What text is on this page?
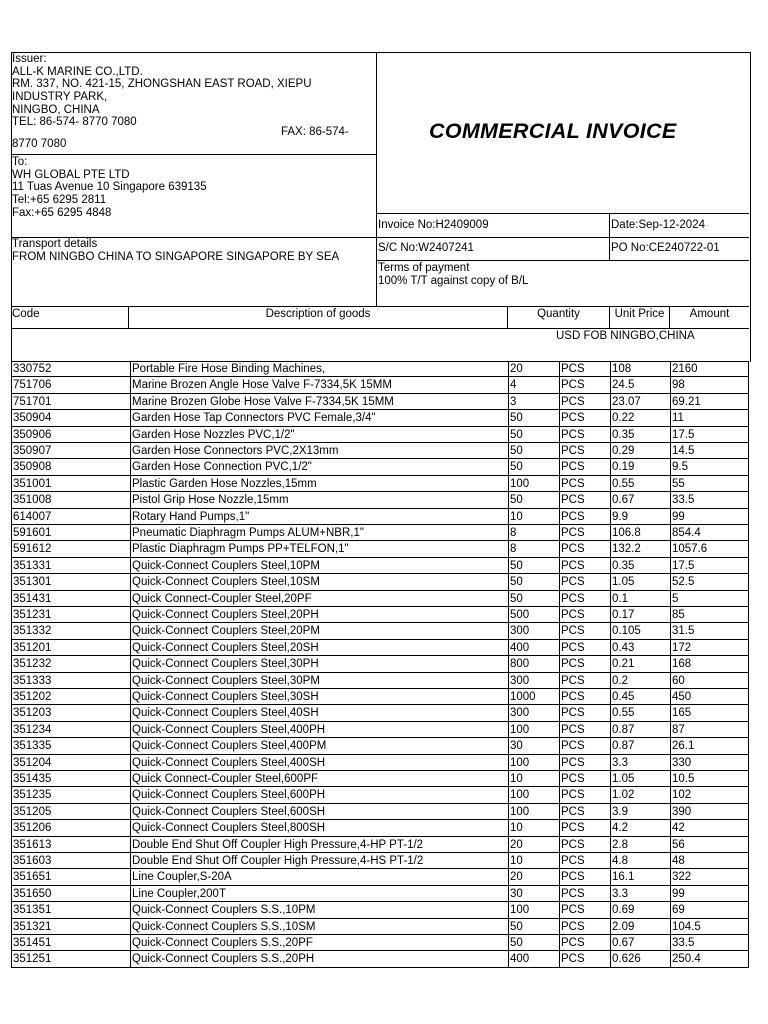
Issuer:
ALL-K MARINE CO.,LTD.
RM. 337, NO. 421-15, ZHONGSHAN EAST ROAD, XIEPU
INDUSTRY PARK,
NINGBO, CHINA
TEL: 86-574- 8770 7080
FAX: 86-574-
8770 7080
COMMERCIAL INVOICE
To:
WH GLOBAL PTE LTD
11 Tuas Avenue 10 Singapore 639135
Tel:+65 6295 2811
Fax:+65 6295 4848
Invoice No:H2409009	Date:Sep-12-2024
Transport details
FROM NINGBO CHINA TO SINGAPORE SINGAPORE BY SEA
S/C No:W2407241	PO No:CE240722-01
Terms of payment
100% T/T against copy of B/L
Code	Description of goods	Quantity	Unit Price	Amount
USD FOB NINGBO,CHINA
330752	Portable Fire Hose Binding Machines,	20	PCS	108	2160
751706	Marine Brozen Angle Hose Valve F-7334,5K 15MM	4	PCS	24.5	98
751701	Marine Brozen Globe Hose Valve F-7334,5K 15MM	3	PCS	23.07	69.21
350904	Garden Hose Tap Connectors PVC Female,3/4"	50	PCS	0.22	11
350906	Garden Hose Nozzles PVC,1/2"	50	PCS	0.35	17.5
350907	Garden Hose Connectors PVC,2X13mm	50	PCS	0.29	14.5
350908	Garden Hose Connection PVC,1/2"	50	PCS	0.19	9.5
351001	Plastic Garden Hose Nozzles,15mm	100	PCS	0.55	55
351008	Pistol Grip Hose Nozzle,15mm	50	PCS	0.67	33.5
614007	Rotary Hand Pumps,1"	10	PCS	9.9	99
591601	Pneumatic Diaphragm Pumps ALUM+NBR,1"	8	PCS	106.8	854.4
591612	Plastic Diaphragm Pumps PP+TELFON,1"	8	PCS	132.2	1057.6
351331	Quick-Connect Couplers Steel,10PM	50	PCS	0.35	17.5
351301	Quick-Connect Couplers Steel,10SM	50	PCS	1.05	52.5
351431	Quick Connect-Coupler Steel,20PF	50	PCS	0.1	5
351231	Quick-Connect Couplers Steel,20PH	500	PCS	0.17	85
351332	Quick-Connect Couplers Steel,20PM	300	PCS	0.105	31.5
351201	Quick-Connect Couplers Steel,20SH	400	PCS	0.43	172
351232	Quick-Connect Couplers Steel,30PH	800	PCS	0.21	168
351333	Quick-Connect Couplers Steel,30PM	300	PCS	0.2	60
351202	Quick-Connect Couplers Steel,30SH	1000	PCS	0.45	450
351203	Quick-Connect Couplers Steel,40SH	300	PCS	0.55	165
351234	Quick-Connect Couplers Steel,400PH	100	PCS	0.87	87
351335	Quick-Connect Couplers Steel,400PM	30	PCS	0.87	26.1
351204	Quick-Connect Couplers Steel,400SH	100	PCS	3.3	330
351435	Quick Connect-Coupler Steel,600PF	10	PCS	1.05	10.5
351235	Quick-Connect Couplers Steel,600PH	100	PCS	1.02	102
351205	Quick-Connect Couplers Steel,600SH	100	PCS	3.9	390
351206	Quick-Connect Couplers Steel,800SH	10	PCS	4.2	42
351613	Double End Shut Off Coupler High Pressure,4-HP PT-1/2	20	PCS	2.8	56
351603	Double End Shut Off Coupler High Pressure,4-HS PT-1/2	10	PCS	4.8	48
351651	Line Coupler,S-20A	20	PCS	16.1	322
351650	Line Coupler,200T	30	PCS	3.3	99
351351	Quick-Connect Couplers S.S.,10PM	100	PCS	0.69	69
351321	Quick-Connect Couplers S.S.,10SM	50	PCS	2.09	104.5
351451	Quick-Connect Couplers S.S.,20PF	50	PCS	0.67	33.5
351251	Quick-Connect Couplers S.S.,20PH	400	PCS	0.626	250.4
